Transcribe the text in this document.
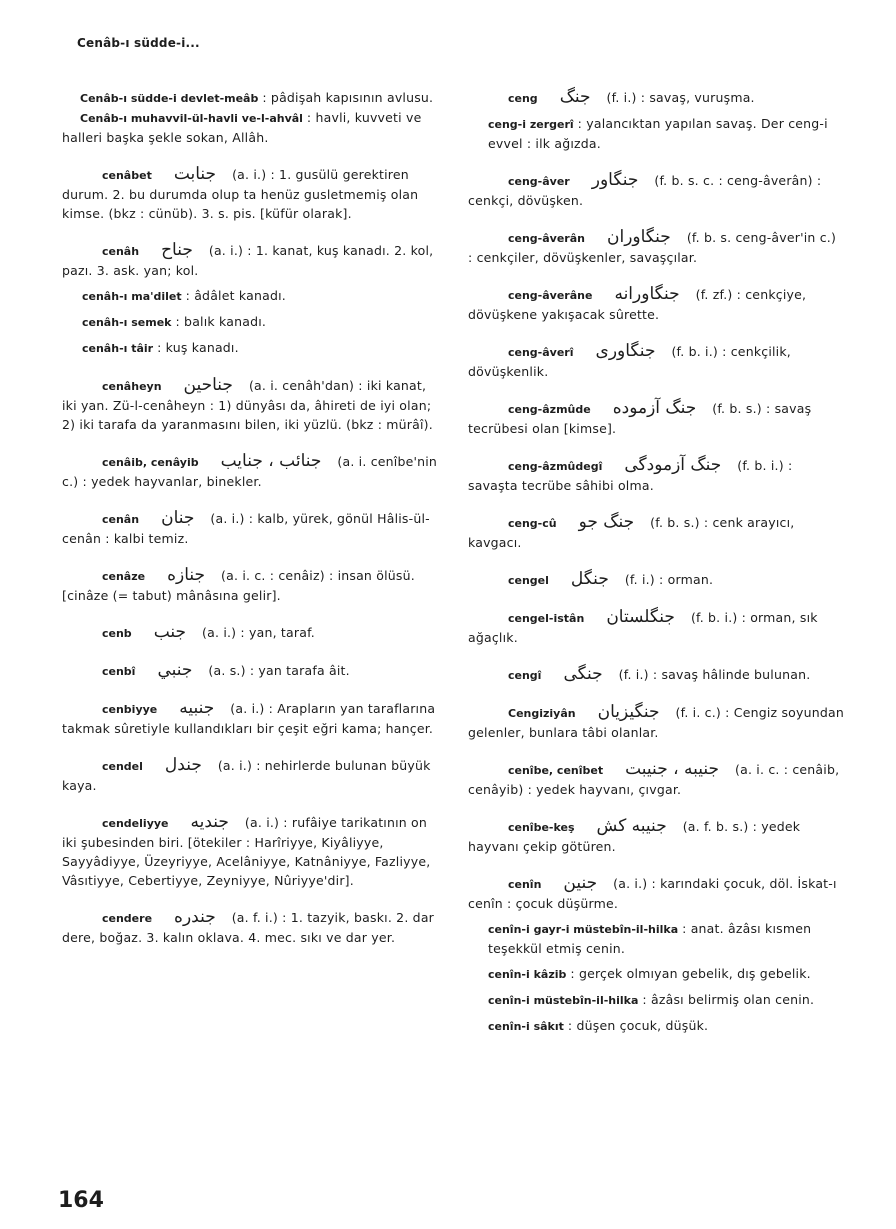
Cenâb-ı südde-i...

Cenâb-ı südde-i devlet-meâb : pâdişah kapısının avlusu.

Cenâb-ı muhavvil-ül-havli ve-l-ahvâl : havli, kuvveti ve halleri başka şekle sokan, Allâh.

cenâbet جنابت (a. i.) : 1. gusülü gerektiren durum. 2. bu durumda olup ta henüz gusletmemiş olan kimse. (bkz : cünüb). 3. s. pis. [küfür olarak].

cenâh جناح (a. i.) : 1. kanat, kuş kanadı. 2. kol, pazı. 3. ask. yan; kol.

cenâh-ı ma'dilet : âdâlet kanadı.

cenâh-ı semek : balık kanadı.

cenâh-ı tâir : kuş kanadı.

cenâheyn جناحين (a. i. cenâh'dan) : iki kanat, iki yan. Zü-l-cenâheyn : 1) dünyâsı da, âhireti de iyi olan; 2) iki tarafa da yaranmasını bilen, iki yüzlü. (bkz : mürâî).

cenâib, cenâyib جنائب ، جنايب (a. i. cenîbe'nin c.) : yedek hayvanlar, binekler.

cenân جنان (a. i.) : kalb, yürek, gönül Hâlis-ül-cenân : kalbi temiz.

cenâze جنازه (a. i. c. : cenâiz) : insan ölüsü. [cinâze (= tabut) mânâsına gelir].

cenb جنب (a. i.) : yan, taraf.

cenbî جنبي (a. s.) : yan tarafa âit.

cenbiyye جنبيه (a. i.) : Arapların yan taraflarına takmak sûretiyle kullandıkları bir çeşit eğri kama; hançer.

cendel جندل (a. i.) : nehirlerde bulunan büyük kaya.

cendeliyye جنديه (a. i.) : rufâiye tarikatının on iki şubesinden biri. [ötekiler : Harîriyye, Kiyâliyye, Sayyâdiyye, Üzeyriyye, Acelâniyye, Katnâniyye, Fazliyye, Vâsıtiyye, Cebertiyye, Zeyniyye, Nûriyye'dir].

cendere جندره (a. f. i.) : 1. tazyik, baskı. 2. dar dere, boğaz. 3. kalın oklava. 4. mec. sıkı ve dar yer.

ceng جنگ (f. i.) : savaş, vuruşma.

ceng-i zergerî : yalancıktan yapılan savaş. Der ceng-i evvel : ilk ağızda.

ceng-âver جنگاور (f. b. s. c. : ceng-âverân) : cenkçi, dövüşken.

ceng-âverân جنگاوران (f. b. s. ceng-âver'in c.) : cenkçiler, dövüşkenler, savaşçılar.

ceng-âverâne جنگاورانه (f. zf.) : cenkçiye, dövüşkene yakışacak sûrette.

ceng-âverî جنگاوری (f. b. i.) : cenkçilik, dövüşkenlik.

ceng-âzmûde جنگ آزموده (f. b. s.) : savaş tecrübesi olan [kimse].

ceng-âzmûdegî جنگ آزمودگی (f. b. i.) : savaşta tecrübe sâhibi olma.

ceng-cû جنگ جو (f. b. s.) : cenk arayıcı, kavgacı.

cengel جنگل (f. i.) : orman.

cengel-istân جنگلستان (f. b. i.) : orman, sık ağaçlık.

cengî جنگی (f. i.) : savaş hâlinde bulunan.

Cengiziyân جنگیزیان (f. i. c.) : Cengiz soyundan gelenler, bunlara tâbi olanlar.

cenîbe, cenîbet جنيبه ، جنيبت (a. i. c. : cenâib, cenâyib) : yedek hayvanı, çıvgar.

cenîbe-keş جنيبه كش (a. f. b. s.) : yedek hayvanı çekip götüren.

cenîn جنين (a. i.) : karındaki çocuk, döl. İskat-ı cenîn : çocuk düşürme.

cenîn-i gayr-i müstebîn-il-hilka : anat. âzâsı kısmen teşekkül etmiş cenin.

cenîn-i kâzib : gerçek olmıyan gebelik, dış gebelik.

cenîn-i müstebîn-il-hilka : âzâsı belirmiş olan cenin.

cenîn-i sâkıt : düşen çocuk, düşük.

164
